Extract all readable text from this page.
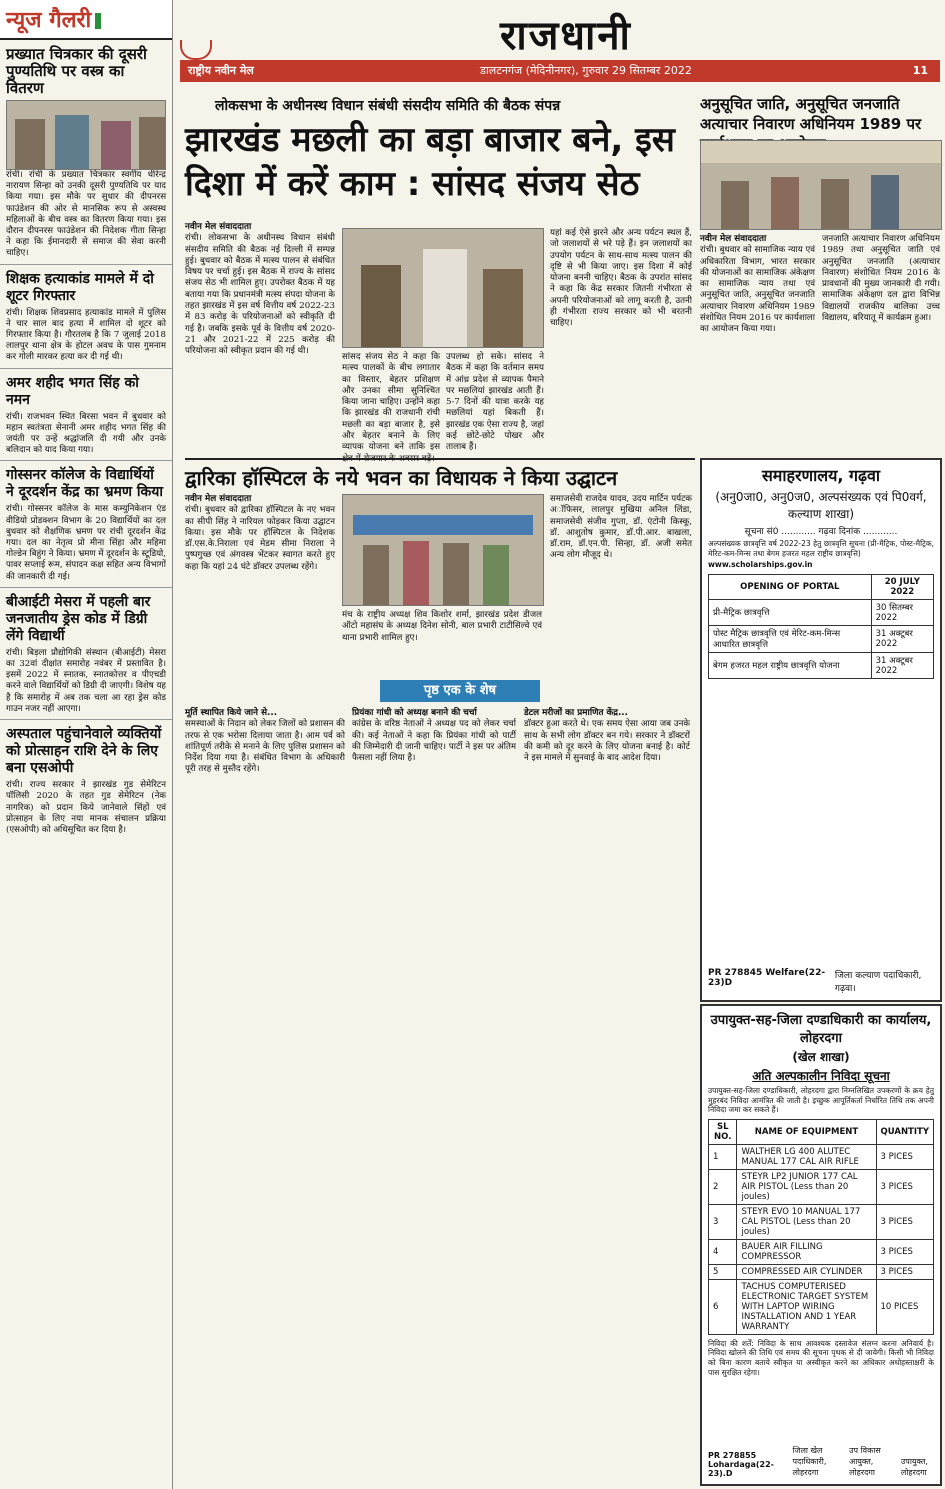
न्यूज गैलरी
प्रख्यात चित्रकार की दूसरी पुण्यतिथि पर वस्त्र का वितरण

रांची। रांची के प्रख्यात चित्रकार स्वर्गीय धीरेन्द्र नारायण सिन्हा को उनकी दूसरी पुण्यतिथि पर याद किया गया। इस मौके पर सुधार की दीपनरस फाउंडेशन की ओर से मानसिक रूप से अस्वस्थ महिलाओं के बीच वस्त्र का वितरण किया गया। इस दौरान दीपनरस फाउंडेशन की निदेशक गीता सिन्हा ने कहा कि ईमानदारी से समाज की सेवा करनी चाहिए।

शिक्षक हत्याकांड मामले में दो शूटर गिरफ्तार

रांची। शिक्षक शिवप्रसाद हत्याकांड मामले में पुलिस ने चार साल बाद हत्या में शामिल दो शूटर को गिरफ्तार किया है। गौरतलब है कि 7 जुलाई 2018 लालपुर थाना क्षेत्र के होटल अवध के पास गुमनाम कर गोली मारकर हत्या कर दी गई थी।

अमर शहीद भगत सिंह को नमन

रांची। राजभवन स्थित बिरसा भवन में बुधवार को महान स्वतंत्रता सेनानी अमर शहीद भगत सिंह की जयंती पर उन्हें श्रद्धांजलि दी गयी और उनके बलिदान को याद किया गया।

गोस्सनर कॉलेज के विद्यार्थियों ने दूरदर्शन केंद्र का भ्रमण किया

रांची। गोस्सनर कॉलेज के मास कम्युनिकेशन एंड वीडियो प्रोडक्शन विभाग के 20 विद्यार्थियों का दल बुधवार को शैक्षणिक भ्रमण पर रांची दूरदर्शन केंद्र गया। दल का नेतृत्व प्रो मीना सिंहा और महिमा गोल्डेन बिहुंग ने किया। भ्रमण में दूरदर्शन के स्टूडियो, पावर सप्लाई रूम, संपादन कक्ष सहित अन्य विभागों की जानकारी दी गई।

बीआईटी मेसरा में पहली बार जनजातीय ड्रेस कोड में डिग्री लेंगे विद्यार्थी

रांची। बिड़ला प्रौद्योगिकी संस्थान (बीआईटी) मेसरा का 32वां दीक्षांत समारोह नवंबर में प्रस्तावित है। इसमें 2022 में स्नातक, स्नातकोत्तर व पीएचडी करने वाले विद्यार्थियों को डिग्री दी जाएगी। विशेष यह है कि समारोह में अब तक चला आ रहा ड्रेस कोड गाउन नजर नहीं आएगा।

अस्पताल पहुंचानेवाले व्यक्तियों को प्रोत्साहन राशि देने के लिए बना एसओपी

रांची। राज्य सरकार ने झारखंड गुड सेमेरिटन पॉलिसी 2020 के तहत गुड सेमेरिटन (नेक नागरिक) को प्रदान किये जानेवाले सिंहों एवं प्रोत्साहन के लिए नया मानक संचालन प्रक्रिया (एसओपी) को अधिसूचित कर दिया है।

राजधानी
राष्ट्रीय नवीन मेल	डालटनगंज (मेदिनीनगर), गुरुवार 29 सितम्बर 2022	11
लोकसभा के अधीनस्थ विधान संबंधी संसदीय समिति की बैठक संपन्न
झारखंड मछली का बड़ा बाजार बने, इस दिशा में करें काम : सांसद संजय सेठ

नवीन मेल संवाददाता

रांची। लोकसभा के अधीनस्थ विधान संबंधी संसदीय समिति की बैठक नई दिल्ली में सम्पन्न हुई। बुधवार को बैठक में मत्स्य पालन से संबंधित विषय पर चर्चा हुई। इस बैठक में राज्य के सांसद संजय सेठ भी शामिल हुए। उपरोक्त बैठक में यह बताया गया कि प्रधानमंत्री मत्स्य संपदा योजना के तहत झारखंड में इस वर्ष वित्तीय वर्ष 2022-23 में 83 करोड़ के परियोजनाओं को स्वीकृति दी गई है। जबकि इसके पूर्व के वित्तीय वर्ष 2020-21 और 2021-22 में 225 करोड़ की परियोजना को स्वीकृत प्रदान की गई थी।

सांसद संजय सेठ ने कहा कि मत्स्य पालकों के बीच लगातार का विस्तार, बेहतर प्रशिक्षण और उनका सीमा सुनिश्चित किया जाना चाहिए। उन्होंने कहा कि झारखंड की राजधानी रांची मछली का बड़ा बाजार है, इसे और बेहतर बनाने के लिए व्यापक योजना बने ताकि इस क्षेत्र में रोजगार के अवसर बढ़ें।

उपलब्ध हो सके। सांसद ने बैठक में कहा कि वर्तमान समय में आंध्र प्रदेश से व्यापक पैमाने पर मछलियां झारखंड आती हैं। 5-7 दिनों की यात्रा करके यह मछलियां यहां बिकती हैं। झारखंड एक ऐसा राज्य है, जहां कई छोटे-छोटे पोखर और तालाब हैं।

यहां कई ऐसे झरने और अन्य पर्यटन स्थल हैं, जो जलाशयों से भरे पड़े हैं। इन जलाशयों का उपयोग पर्यटन के साथ-साथ मत्स्य पालन की दृष्टि से भी किया जाए। इस दिशा में कोई योजना बननी चाहिए। बैठक के उपरांत सांसद ने कहा कि केंद्र सरकार जितनी गंभीरता से अपनी परियोजनाओं को लागू करती है, उतनी ही गंभीरता राज्य सरकार को भी बरतनी चाहिए।

अनुसूचित जाति, अनुसूचित जनजाति अत्याचार निवारण अधिनियम 1989 पर

नवीन मेल संवाददाता

रांची। बुधवार को सामाजिक न्याय एवं अधिकारिता विभाग, भारत सरकार की योजनाओं का सामाजिक अंकेक्षण का सामाजिक न्याय तथा एवं अनुसूचित जाति, अनुसूचित जनजाति अत्याचार निवारण अधिनियम 1989 संशोधित नियम 2016 पर कार्यशाला का आयोजन किया गया।

जनजाति अत्याचार निवारण अधिनियम 1989 तथा अनुसूचित जाति एवं अनुसूचित जनजाति (अत्याचार निवारण) संशोधित नियम 2016 के प्रावधानों की मुख्य जानकारी दी गयी। सामाजिक अंकेक्षण दल द्वारा विभिन्न विद्यालयों राजकीय बालिका उच्च विद्यालय, बरियातू में कार्यक्रम हुआ।

द्वारिका हॉस्पिटल के नये भवन का विधायक ने किया उद्घाटन

नवीन मेल संवाददाता

रांची। बुधवार को द्वारिका हॉस्पिटल के नए भवन का सीपी सिंह ने नारियल फोड़कर किया उद्घाटन किया। इस मौके पर हॉस्पिटल के निदेशक डॉ.एस.के.निराला एवं मेडम सीमा निराला ने पुष्पगुच्छ एवं अंगवस्त्र भेंटकर स्वागत करते हुए कहा कि यहां 24 घंटे डॉक्टर उपलब्ध रहेंगे।

मंच के राष्ट्रीय अध्यक्ष शिव किशोर शर्मा, झारखंड प्रदेश डीजल ऑटो महासंघ के अध्यक्ष दिनेश सोनी, बाल प्रभारी टाटीसिल्वे एवं थाना प्रभारी शामिल हुए।

समाजसेवी राजदेव यादव, उदय मार्टिन पर्यटक अॉफिसर, लालपुर मुखिया अनिल लिंडा, समाजसेवी संजीव गुप्ता, डॉ. एंटोनी किस्कू, डॉ. आशुतोष कुमार, डॉ.पी.आर. बाखला, डॉ.राम, डॉ.एन.पी. सिन्हा, डॉ. अजी समेत अन्य लोग मौजूद थे।

पृष्ठ एक के शेष

मूर्ति स्थापित किये जाने से...

समस्याओं के निदान को लेकर जिलों को प्रशासन की तरफ से एक भरोसा दिलाया जाता है। आम पर्व को शांतिपूर्ण तरीके से मनाने के लिए पुलिस प्रशासन को निर्देश दिया गया है। संबंधित विभाग के अधिकारी पूरी तरह से मुस्तैद रहेंगे।

प्रियंका गांधी को अध्यक्ष बनाने की चर्चा

कांग्रेस के वरिष्ठ नेताओं ने अध्यक्ष पद को लेकर चर्चा की। कई नेताओं ने कहा कि प्रियंका गांधी को पार्टी की जिम्मेदारी दी जानी चाहिए। पार्टी ने इस पर अंतिम फैसला नहीं लिया है।

डेटल मरीजों का प्रमाणित केंद्र...

डॉक्टर हुआ करते थे। एक समय ऐसा आया जब उनके साथ के सभी लोग डॉक्टर बन गये। सरकार ने डॉक्टरों की कमी को दूर करने के लिए योजना बनाई है। कोर्ट ने इस मामले में सुनवाई के बाद आदेश दिया।

समाहरणालय, गढ़वा
(अनु0जा0, अनु0ज0, अल्पसंख्यक एवं पि0वर्ग, कल्याण शाखा)
सूचना सं0 ............ गढ़वा दिनांक ............

अल्पसंख्यक छात्रवृत्ति वर्ष 2022-23 हेतु छात्रवृत्ति सूचना (प्री-मैट्रिक, पोस्ट-मैट्रिक, मेरिट-कम-मिन्स तथा बेगम हजरत महल राष्ट्रीय छात्रवृत्ति)

www.scholarships.gov.in

OPENING OF PORTAL	20 JULY 2022
प्री-मैट्रिक छात्रवृत्ति	30 सितम्बर 2022
पोस्ट मैट्रिक छात्रवृत्ति एवं मेरिट-कम-मिन्स आधारित छात्रवृत्ति	31 अक्टूबर 2022
बेगम हजरत महल राष्ट्रीय छात्रवृत्ति योजना	31 अक्टूबर 2022
PR 278845 Welfare(22-23)D
जिला कल्याण पदाधिकारी, गढ़वा।
उपायुक्त-सह-जिला दण्डाधिकारी का कार्यालय, लोहरदगा
(खेल शाखा)
अति अल्पकालीन निविदा सूचना

उपायुक्त-सह-जिला दण्डाधिकारी, लोहरदगा द्वारा निम्नलिखित उपकरणों के क्रय हेतु मुहरबंद निविदा आमंत्रित की जाती है। इच्छुक आपूर्तिकर्ता निर्धारित तिथि तक अपनी निविदा जमा कर सकते हैं।

SL NO.	NAME OF EQUIPMENT	QUANTITY
1	WALTHER LG 400 ALUTEC MANUAL 177 CAL AIR RIFLE	3 PICES
2	STEYR LP2 JUNIOR 177 CAL AIR PISTOL (Less than 20 joules)	3 PICES
3	STEYR EVO 10 MANUAL 177 CAL PISTOL (Less than 20 joules)	3 PICES
4	BAUER AIR FILLING COMPRESSOR	3 PICES
5	COMPRESSED AIR CYLINDER	3 PICES
6	TACHUS COMPUTERISED ELECTRONIC TARGET SYSTEM WITH LAPTOP WIRING INSTALLATION AND 1 YEAR WARRANTY	10 PICES

निविदा की शर्तें: निविदा के साथ आवश्यक दस्तावेज संलग्न करना अनिवार्य है। निविदा खोलने की तिथि एवं समय की सूचना पृथक से दी जायेगी। किसी भी निविदा को बिना कारण बताये स्वीकृत या अस्वीकृत करने का अधिकार अधोहस्ताक्षरी के पास सुरक्षित रहेगा।

PR 278855 Lohardaga(22-23).D
जिला खेल पदाधिकारी, लोहरदगा
उप विकास आयुक्त, लोहरदगा
उपायुक्त, लोहरदगा
